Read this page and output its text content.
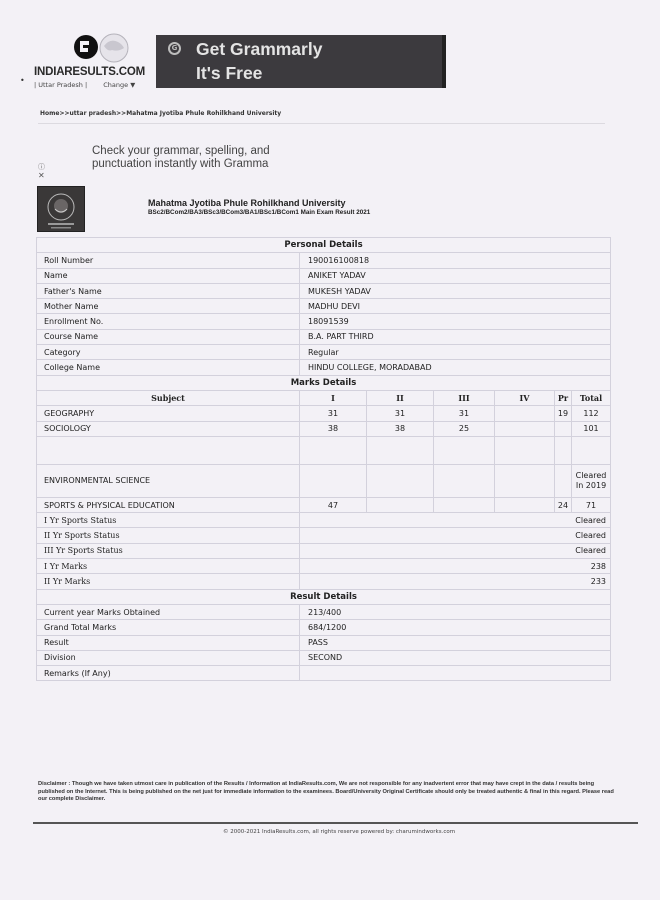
•
INDIARESULTS.COM
| Uttar Pradesh | Change ▼
G Get Grammarly
It's Free
Home>>uttar pradesh>>Mahatma Jyotiba Phule Rohilkhand University
Check your grammar, spelling, and punctuation instantly with Gramma
ⓘ
✕
Mahatma Jyotiba Phule Rohilkhand University
BSc2/BCom2/BA3/BSc3/BCom3/BA1/BSc1/BCom1 Main Exam Result 2021
Personal Details						
Roll Number	190016100818					
Name	ANIKET YADAV					
Father's Name	MUKESH YADAV					
Mother Name	MADHU DEVI					
Enrollment No.	18091539					
Course Name	B.A. PART THIRD					
Category	Regular					
College Name	HINDU COLLEGE, MORADABAD					
Marks Details						
Subject	I	II	III	IV	Pr	Total
GEOGRAPHY	31	31	31		19	112
SOCIOLOGY	38	38	25			101

ENVIRONMENTAL SCIENCE						Cleared In 2019
SPORTS & PHYSICAL EDUCATION	47				24	71
I Yr Sports Status	Cleared					
II Yr Sports Status	Cleared					
III Yr Sports Status	Cleared					
I Yr Marks	238					
II Yr Marks	233					
Result Details						
Current year Marks Obtained	213/400					
Grand Total Marks	684/1200					
Result	PASS					
Division	SECOND					
Remarks (If Any)						
Disclaimer : Though we have taken utmost care in publication of the Results / Information at IndiaResults.com, We are not responsible for any inadvertent error that may have crept in the data / results being published on the Internet. This is being published on the net just for immediate information to the examinees. Board/University Original Certificate should only be treated authentic & final in this regard. Please read our complete Disclaimer.
© 2000-2021 IndiaResults.com, all rights reserve powered by: charumindworks.com
